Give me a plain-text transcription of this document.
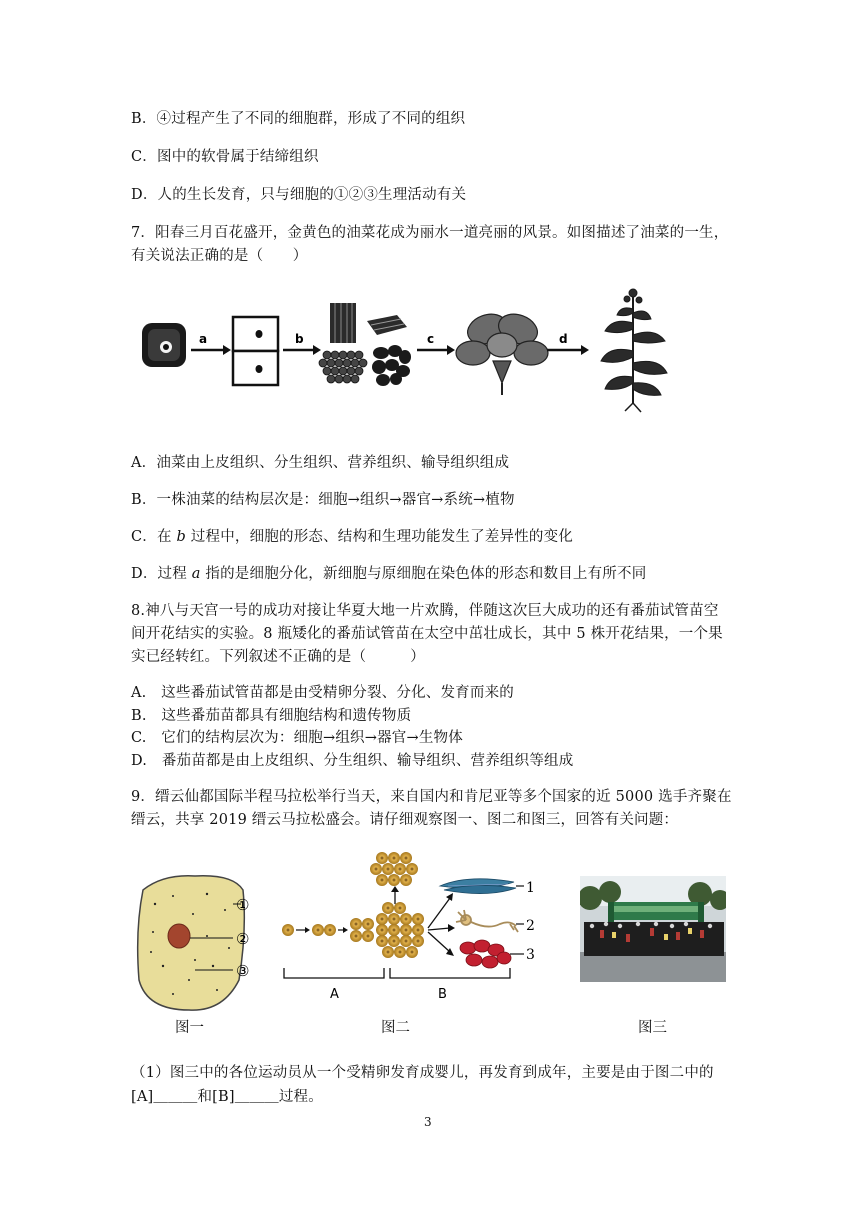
B．④过程产生了不同的细胞群，形成了不同的组织
C．图中的软骨属于结缔组织
D．人的生长发育，只与细胞的①②③生理活动有关
7．阳春三月百花盛开，金黄色的油菜花成为丽水一道亮丽的风景。如图描述了油菜的一生，
有关说法正确的是（　　）
a	b	c	d
A．油菜由上皮组织、分生组织、营养组织、输导组织组成
B．一株油菜的结构层次是：细胞→组织→器官→系统→植物
C．在 b 过程中，细胞的形态、结构和生理功能发生了差异性的变化
D．过程 a 指的是细胞分化，新细胞与原细胞在染色体的形态和数目上有所不同
8.神八与天宫一号的成功对接让华夏大地一片欢腾，伴随这次巨大成功的还有番茄试管苗空
间开花结实的实验。8 瓶矮化的番茄试管苗在太空中茁壮成长，其中 5 株开花结果，一个果
实已经转红。下列叙述不正确的是（　　　）
A.　这些番茄试管苗都是由受精卵分裂、分化、发育而来的
B.　这些番茄苗都具有细胞结构和遗传物质
C.　它们的结构层次为：细胞→组织→器官→生物体
D.　番茄苗都是由上皮组织、分生组织、输导组织、营养组织等组成
9．缙云仙都国际半程马拉松举行当天，来自国内和肯尼亚等多个国家的近 5000 选手齐聚在
缙云，共享 2019 缙云马拉松盛会。请仔细观察图一、图二和图三，回答有关问题：
①
②
③
图一
1
2
3
A	B
图二	图三
（1）图三中的各位运动员从一个受精卵发育成婴儿，再发育到成年，主要是由于图二中的
[A]＿＿＿和[B]＿＿＿过程。
3
